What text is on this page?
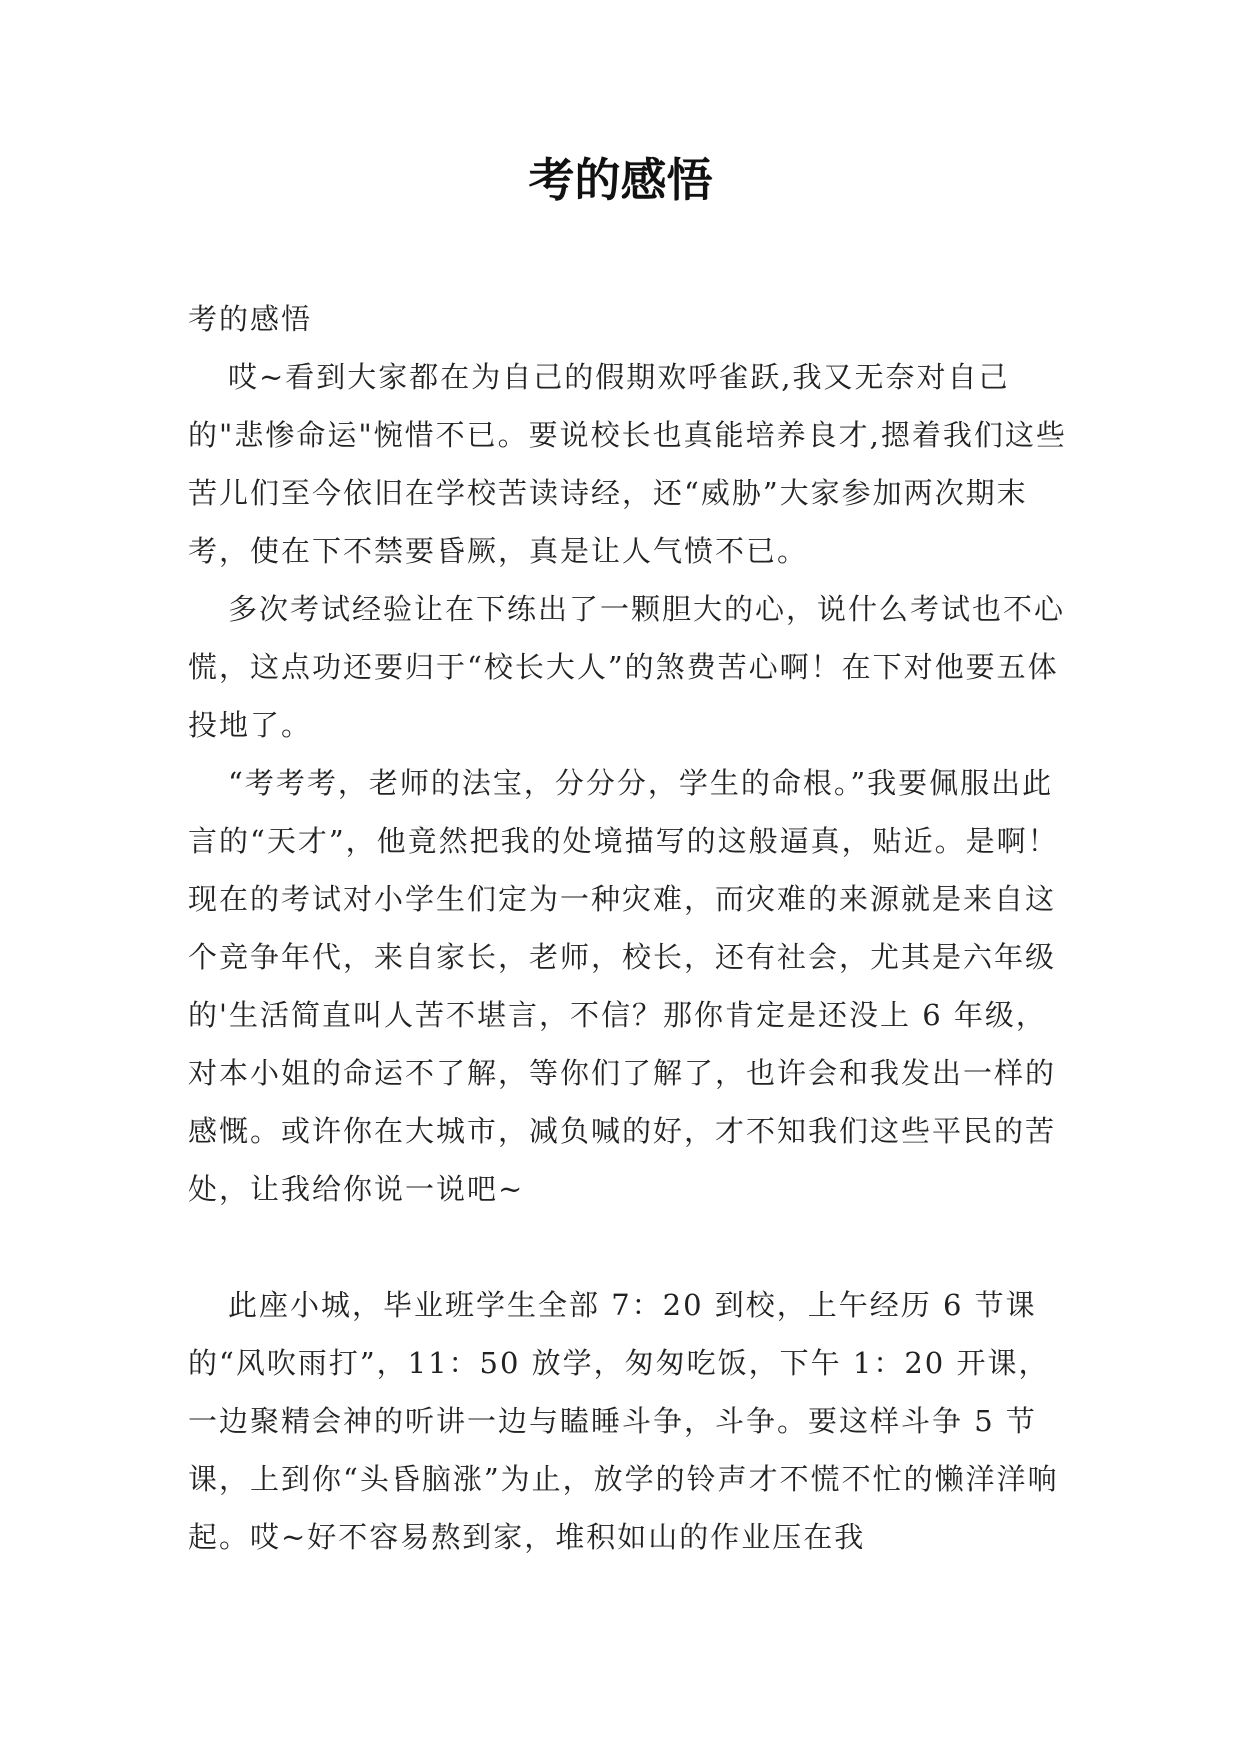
考的感悟

考的感悟

哎~看到大家都在为自己的假期欢呼雀跃,我又无奈对自己的"悲惨命运"惋惜不已。要说校长也真能培养良才,摁着我们这些苦儿们至今依旧在学校苦读诗经，还“威胁”大家参加两次期末考，使在下不禁要昏厥，真是让人气愤不已。

多次考试经验让在下练出了一颗胆大的心，说什么考试也不心慌，这点功还要归于“校长大人”的煞费苦心啊！在下对他要五体投地了。

“考考考，老师的法宝，分分分，学生的命根。”我要佩服出此言的“天才”，他竟然把我的处境描写的这般逼真，贴近。是啊！现在的考试对小学生们定为一种灾难，而灾难的来源就是来自这个竞争年代，来自家长，老师，校长，还有社会，尤其是六年级的'生活简直叫人苦不堪言，不信？那你肯定是还没上 6 年级，对本小姐的命运不了解，等你们了解了，也许会和我发出一样的感慨。或许你在大城市，减负喊的好，才不知我们这些平民的苦处，让我给你说一说吧~

此座小城，毕业班学生全部 7：20 到校，上午经历 6 节课的“风吹雨打”，11：50 放学，匆匆吃饭，下午 1：20 开课，一边聚精会神的听讲一边与瞌睡斗争，斗争。要这样斗争 5 节课，上到你“头昏脑涨”为止，放学的铃声才不慌不忙的懒洋洋响起。哎~好不容易熬到家，堆积如山的作业压在我
